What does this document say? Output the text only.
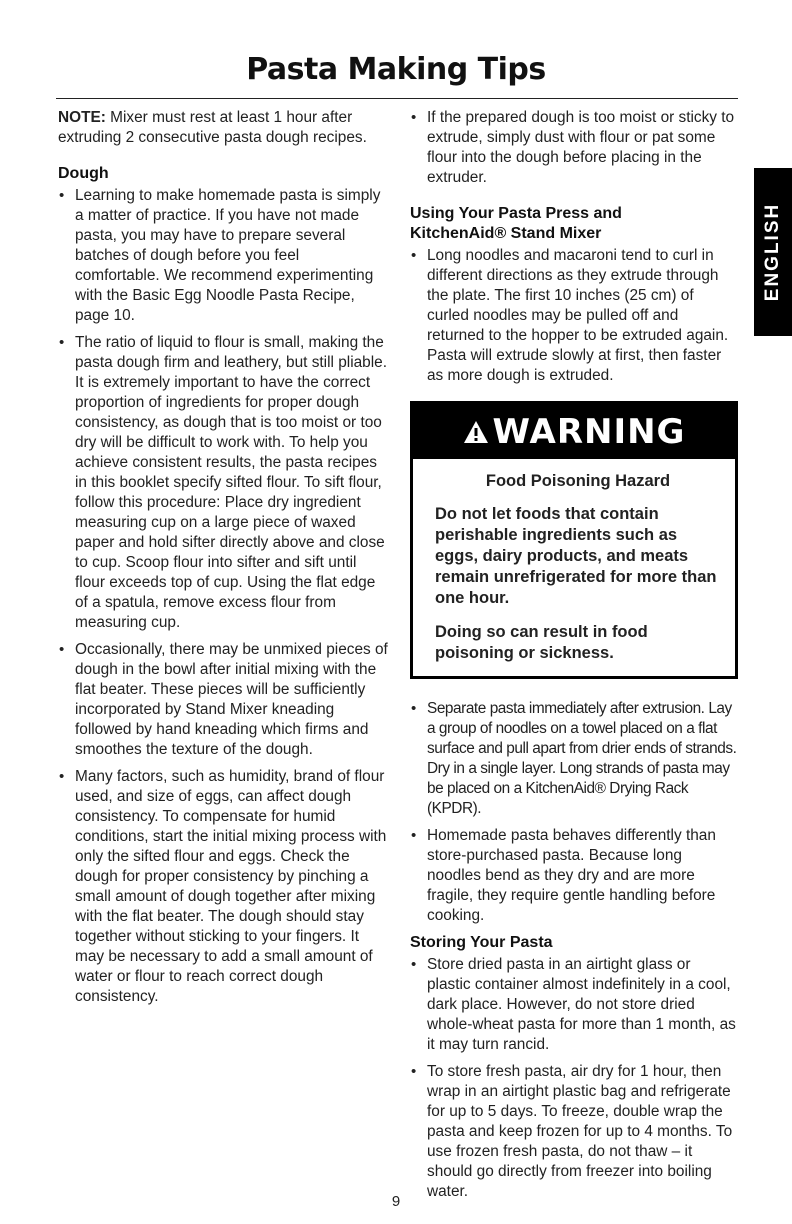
Pasta Making Tips

NOTE: Mixer must rest at least 1 hour after extruding 2 consecutive pasta dough recipes.

Dough
• Learning to make homemade pasta is simply a matter of practice. If you have not made pasta, you may have to prepare several batches of dough before you feel comfortable. We recommend experimenting with the Basic Egg Noodle Pasta Recipe, page 10.
• The ratio of liquid to flour is small, making the pasta dough firm and leathery, but still pliable. It is extremely important to have the correct proportion of ingredients for proper dough consistency, as dough that is too moist or too dry will be difficult to work with. To help you achieve consistent results, the pasta recipes in this booklet specify sifted flour. To sift flour, follow this procedure: Place dry ingredient measuring cup on a large piece of waxed paper and hold sifter directly above and close to cup. Scoop flour into sifter and sift until flour exceeds top of cup. Using the flat edge of a spatula, remove excess flour from measuring cup.
• Occasionally, there may be unmixed pieces of dough in the bowl after initial mixing with the flat beater. These pieces will be sufficiently incorporated by Stand Mixer kneading followed by hand kneading which firms and smoothes the texture of the dough.
• Many factors, such as humidity, brand of flour used, and size of eggs, can affect dough consistency. To compensate for humid conditions, start the initial mixing process with only the sifted flour and eggs. Check the dough for proper consistency by pinching a small amount of dough together after mixing with the flat beater. The dough should stay together without sticking to your fingers. It may be necessary to add a small amount of water or flour to reach correct dough consistency.
• If the prepared dough is too moist or sticky to extrude, simply dust with flour or pat some flour into the dough before placing in the extruder.
Using Your Pasta Press and
KitchenAid® Stand Mixer
• Long noodles and macaroni tend to curl in different directions as they extrude through the plate. The first 10 inches (25 cm) of curled noodles may be pulled off and returned to the hopper to be extruded again. Pasta will extrude slowly at first, then faster as more dough is extruded.
WARNING

Food Poisoning Hazard

Do not let foods that contain perishable ingredients such as eggs, dairy products, and meats remain unrefrigerated for more than one hour.

Doing so can result in food poisoning or sickness.

• Separate pasta immediately after extrusion. Lay a group of noodles on a towel placed on a flat surface and pull apart from drier ends of strands. Dry in a single layer. Long strands of pasta may be placed on a KitchenAid® Drying Rack (KPDR).
• Homemade pasta behaves differently than store-purchased pasta. Because long noodles bend as they dry and are more fragile, they require gentle handling before cooking.
Storing Your Pasta
• Store dried pasta in an airtight glass or plastic container almost indefinitely in a cool, dark place. However, do not store dried whole-wheat pasta for more than 1 month, as it may turn rancid.
• To store fresh pasta, air dry for 1 hour, then wrap in an airtight plastic bag and refrigerate for up to 5 days. To freeze, double wrap the pasta and keep frozen for up to 4 months. To use frozen fresh pasta, do not thaw – it should go directly from freezer into boiling water.
ENGLISH
9
